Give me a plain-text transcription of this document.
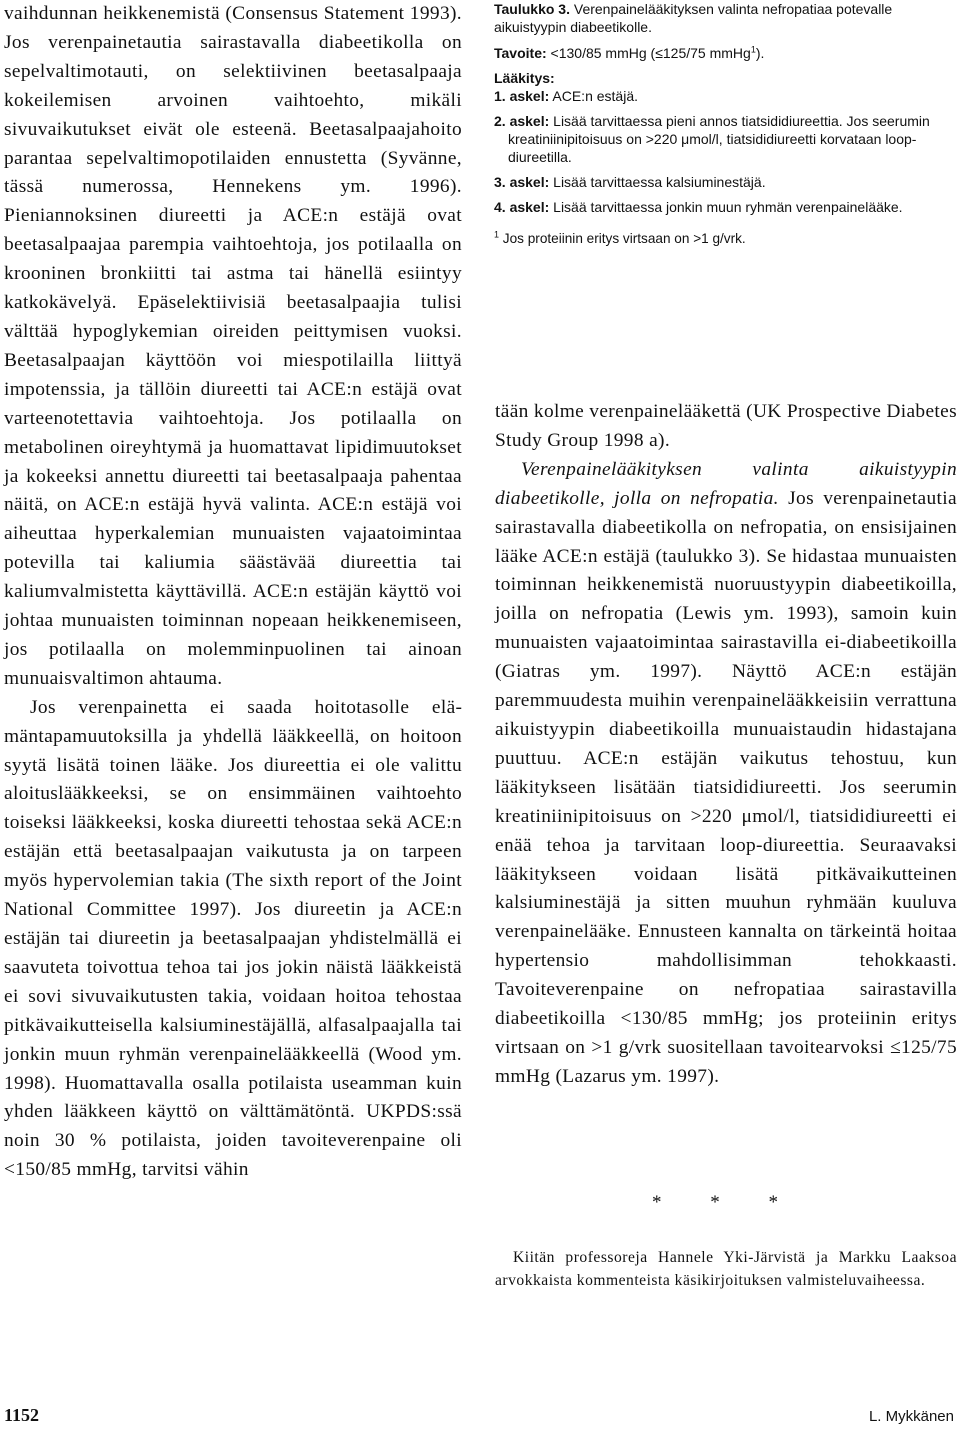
vaihdunnan heikkenemistä (Consensus Statement 1993). Jos verenpainetautia sairastavalla diabeetikolla on sepelvaltimotauti, on selektiivinen beetasalpaaja kokeilemisen arvoinen vaihtoehto, mikäli sivuvaikutukset eivät ole esteenä. Beetasalpaajahoito parantaa sepelvaltimopotilaiden ennustetta (Syvänne, tässä numerossa, Hennekens ym. 1996). Pieniannoksinen diureetti ja ACE:n estäjä ovat beetasalpaajaa parempia vaihtoehtoja, jos potilaalla on krooninen bronkiitti tai astma tai hänellä esiintyy katkokävelyä. Epäselektiivisiä beetasalpaajia tulisi välttää hypoglykemian oireiden peittymisen vuoksi. Beetasalpaajan käyttöön voi miespotilailla liittyä impotenssia, ja tällöin diureetti tai ACE:n estäjä ovat varteenotettavia vaihtoehtoja. Jos potilaalla on metabolinen oireyhtymä ja huomattavat lipidimuutokset ja kokeeksi annettu diureetti tai beetasalpaaja pahentaa näitä, on ACE:n estäjä hyvä valinta. ACE:n estäjä voi aiheuttaa hyperkalemian munuaisten vajaatoimintaa potevilla tai kaliumia säästävää diureettia tai kaliumvalmistetta käyttävillä. ACE:n estäjän käyttö voi johtaa munuaisten toiminnan nopeaan heikkenemiseen, jos potilaalla on molemminpuolinen tai ainoan munuaisvaltimon ahtauma.

Jos verenpainetta ei saada hoitotasolle elämäntapamuutoksilla ja yhdellä lääkkeellä, on hoitoon syytä lisätä toinen lääke. Jos diureettia ei ole valittu aloituslääkkeeksi, se on ensimmäinen vaihtoehto toiseksi lääkkeeksi, koska diureetti tehostaa sekä ACE:n estäjän että beetasalpaajan vaikutusta ja on tarpeen myös hypervolemian takia (The sixth report of the Joint National Committee 1997). Jos diureetin ja ACE:n estäjän tai diureetin ja beetasalpaajan yhdistelmällä ei saavuteta toivottua tehoa tai jos jokin näistä lääkkeistä ei sovi sivuvaikutusten takia, voidaan hoitoa tehostaa pitkävaikutteisella kalsiuminestäjällä, alfasalpaajalla tai jonkin muun ryhmän verenpainelääkkeellä (Wood ym. 1998). Huomattavalla osalla potilaista useamman kuin yhden lääkkeen käyttö on välttämätöntä. UKPDS:ssä noin 30 % potilaista, joiden tavoiteverenpaine oli <150/85 mmHg, tarvitsi vähin

Taulukko 3. Verenpainelääkityksen valinta nefropatiaa potevalle aikuistyypin diabeetikolle.

Tavoite: <130/85 mmHg (≤125/75 mmHg$^1$).

Lääkitys:

1. askel: ACE:n estäjä.

2. askel: Lisää tarvittaessa pieni annos tiatsididiureettia. Jos seerumin kreatiniinipitoisuus on >220 μmol/l, tiatsididiureetti korvataan loop-diureetilla.

3. askel: Lisää tarvittaessa kalsiuminestäjä.

4. askel: Lisää tarvittaessa jonkin muun ryhmän verenpainelääke.

$^1$ Jos proteiinin eritys virtsaan on >1 g/vrk.

tään kolme verenpainelääkettä (UK Prospective Diabetes Study Group 1998 a).

Verenpainelääkityksen valinta aikuistyypin diabeetikolle, jolla on nefropatia. Jos verenpainetautia sairastavalla diabeetikolla on nefropatia, on ensisijainen lääke ACE:n estäjä (taulukko 3). Se hidastaa munuaisten toiminnan heikkenemistä nuoruustyypin diabeetikoilla, joilla on nefropatia (Lewis ym. 1993), samoin kuin munuaisten vajaatoimintaa sairastavilla ei-diabeetikoilla (Giatras ym. 1997). Näyttö ACE:n estäjän paremmuudesta muihin verenpainelääkkeisiin verrattuna aikuistyypin diabeetikoilla munuaistaudin hidastajana puuttuu. ACE:n estäjän vaikutus tehostuu, kun lääkitykseen lisätään tiatsididiureetti. Jos seerumin kreatiniinipitoisuus on >220 μmol/l, tiatsididiureetti ei enää tehoa ja tarvitaan loop-diureettia. Seuraavaksi lääkitykseen voidaan lisätä pitkävaikutteinen kalsiuminestäjä ja sitten muuhun ryhmään kuuluva verenpainelääke. Ennusteen kannalta on tärkeintä hoitaa hypertensio mahdollisimman tehokkaasti. Tavoiteverenpaine on nefropatiaa sairastavilla diabeetikoilla <130/85 mmHg; jos proteiinin eritys virtsaan on >1 g/vrk suositellaan tavoitearvoksi ≤125/75 mmHg (Lazarus ym. 1997).

* * *
Kiitän professoreja Hannele Yki-Järvistä ja Markku Laaksoa arvokkaista kommenteista käsikirjoituksen valmisteluvaiheessa.
1152	L. Mykkänen
